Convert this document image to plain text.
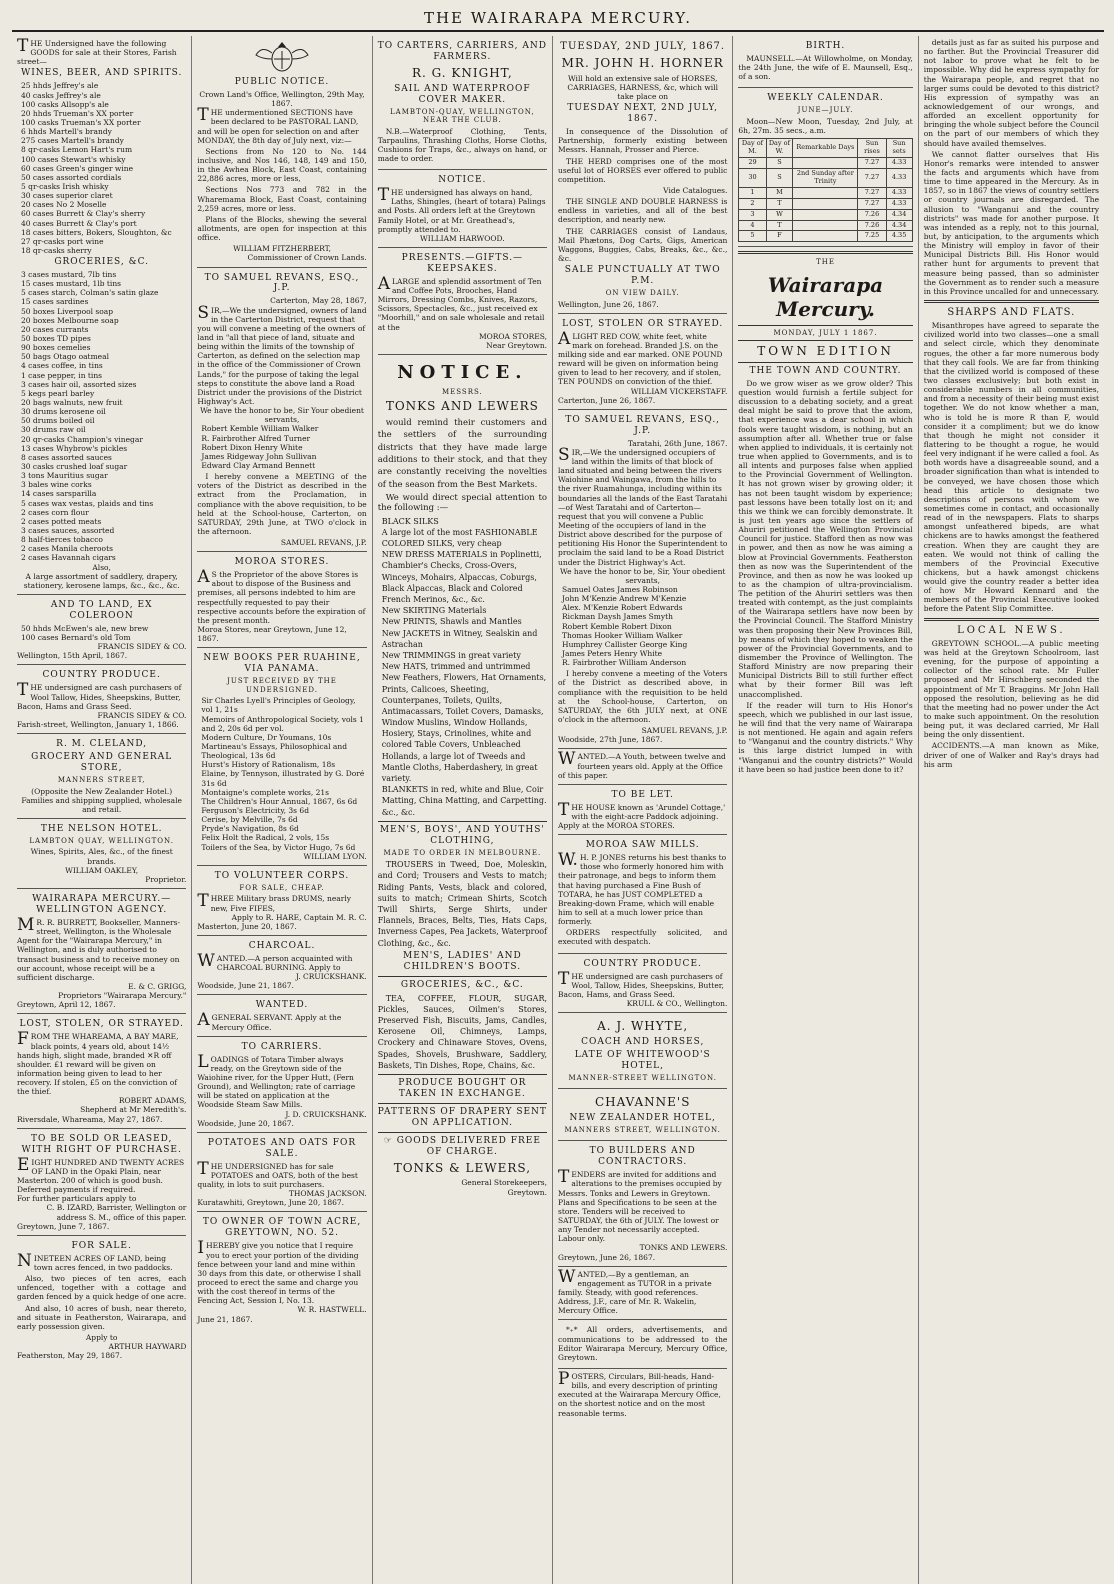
THE WAIRARAPA MERCURY.

THE Undersigned have the following GOODS for sale at their Stores, Farish street—

WINES, BEER, AND SPIRITS.
25 hhds Jeffrey's ale
40 casks Jeffrey's ale
100 casks Allsopp's ale
20 hhds Trueman's XX porter
100 casks Trueman's XX porter
6 hhds Martell's brandy
275 cases Martell's brandy
8 qr-casks Lemon Hart's rum
100 cases Stewart's whisky
60 cases Green's ginger wine
50 cases assorted cordials
5 qr-casks Irish whisky
30 cases superior claret
20 cases No 2 Moselle
60 cases Burrett & Clay's sherry
40 cases Burrett & Clay's port
18 cases bitters, Bokers, Sloughton, &c
27 qr-casks port wine
18 qr-casks sherry
GROCERIES, &C.
3 cases mustard, 7lb tins
15 cases mustard, 1lb tins
5 cases starch, Colman's satin glaze
15 cases sardines
50 boxes Liverpool soap
20 boxes Melbourne soap
20 cases currants
50 boxes TD pipes
90 boxes cemelies
50 bags Otago oatmeal
4 cases coffee, in tins
1 case pepper, in tins
3 cases hair oil, assorted sizes
5 kegs pearl barley
20 bags walnuts, new fruit
30 drums kerosene oil
50 drums boiled oil
30 drums raw oil
20 qr-casks Champion's vinegar
13 cases Whybrow's pickles
8 cases assorted sauces
30 casks crushed loaf sugar
3 tons Mauritius sugar
3 bales wine corks
14 cases sarsparilla
5 cases wax vestas, plaids and tins
2 cases corn flour
2 cases potted meats
3 cases sauces, assorted
8 half-tierces tobacco
2 cases Manila cheroots
2 cases Havannah cigars
Also,

A large assortment of saddlery, drapery, stationery, kerosene lamps, &c., &c., &c.

AND TO LAND, EX COLEROON
50 hhds McEwen's ale, new brew
100 cases Bernard's old Tom
FRANCIS SIDEY & CO.
Wellington, 15th April, 1867.
COUNTRY PRODUCE.

THE undersigned are cash purchasers of Wool Tallow, Hides, Sheepskins, Butter, Bacon, Hams and Grass Seed.

FRANCIS SIDEY & CO.
Farish-street, Wellington, January 1, 1866.
R. M. CLELAND,
GROCERY AND GENERAL STORE,
MANNERS STREET,
(Opposite the New Zealander Hotel.)
Families and shipping supplied, wholesale and retail.
THE NELSON HOTEL.
LAMBTON QUAY, WELLINGTON.
Wines, Spirits, Ales, &c., of the finest brands.
WILLIAM OAKLEY,
Proprietor.
WAIRARAPA MERCURY.—WELLINGTON AGENCY.

MR. R. BURRETT, Bookseller, Manners-street, Wellington, is the Wholesale Agent for the "Wairarapa Mercury," in Wellington, and is duly authorised to transact business and to receive money on our account, whose receipt will be a sufficient discharge.

E. & C. GRIGG,
Proprietors "Wairarapa Mercury."
Greytown, April 12, 1867.
LOST, STOLEN, OR STRAYED.

FROM THE WHAREAMA, A BAY MARE, black points, 4 years old, about 14½ hands high, slight made, branded ✕R off shoulder. £1 reward will be given on information being given to lead to her recovery. If stolen, £5 on the conviction of the thief.

ROBERT ADAMS,
Shepherd at Mr Meredith's.
Riversdale, Whareama, May 27, 1867.
TO BE SOLD OR LEASED, WITH RIGHT OF PURCHASE.

EIGHT HUNDRED AND TWENTY ACRES OF LAND in the Opaki Plain, near Masterton. 200 of which is good bush. Deferred payments if required.

For further particulars apply to
C. B. IZARD, Barrister, Wellington or address S. M., office of this paper.
Greytown, June 7, 1867.
FOR SALE.

NINETEEN ACRES OF LAND, being town acres fenced, in two paddocks.

Also, two pieces of ten acres, each unfenced, together with a cottage and garden fenced by a quick hedge of one acre.

And also, 10 acres of bush, near thereto, and situate in Featherston, Wairarapa, and early possession given.

Apply to
ARTHUR HAYWARD
Featherston, May 29, 1867.
PUBLIC NOTICE.
Crown Land's Office, Wellington, 29th May, 1867.

THE undermentioned SECTIONS have been declared to be PASTORAL LAND, and will be open for selection on and after MONDAY, the 8th day of July next, viz:—

Sections from No 120 to No. 144 inclusive, and Nos 146, 148, 149 and 150, in the Awhea Block, East Coast, containing 22,886 acres, more or less,

Sections Nos 773 and 782 in the Wharemama Block, East Coast, containing 2,259 acres, more or less.

Plans of the Blocks, shewing the several allotments, are open for inspection at this office.

WILLIAM FITZHERBERT,
Commissioner of Crown Lands.
TO SAMUEL REVANS, ESQ., J.P.
Carterton, May 28, 1867,

SIR,—We the undersigned, owners of land in the Carterton District, request that you will convene a meeting of the owners of land in "all that piece of land, situate and being within the limits of the township of Carterton, as defined on the selection map in the office of the Commissioner of Crown Lands," for the purpose of taking the legal steps to constitute the above land a Road District under the provisions of the District Highway's Act.

We have the honor to be, Sir Your obedient servants,
Robert Kemble William Walker
R. Fairbrother Alfred Turner
Robert Dixon Henry White
James Ridgeway John Sullivan
Edward Clay Armand Bennett

I hereby convene a MEETING of the voters of the District as described in the extract from the Proclamation, in compliance with the above requisition, to be held at the School-house, Carterton, on SATURDAY, 29th June, at TWO o'clock in the afternoon.

SAMUEL REVANS, J.P.
MOROA STORES.

AS the Proprietor of the above Stores is about to dispose of the Business and premises, all persons indebted to him are respectfully requested to pay their respective accounts before the expiration of the present month.

Moroa Stores, near Greytown, June 12, 1867.
NEW BOOKS PER RUAHINE, VIA PANAMA.
JUST RECEIVED BY THE UNDERSIGNED.
Sir Charles Lyell's Principles of Geology, vol 1, 21s
Memoirs of Anthropological Society, vols 1 and 2, 20s 6d per vol.
Modern Culture, Dr Youmans, 10s
Martineau's Essays, Philosophical and Theological, 13s 6d
Hurst's History of Rationalism, 18s
Elaine, by Tennyson, illustrated by G. Doré 31s 6d
Montaigne's complete works, 21s
The Children's Hour Annual, 1867, 6s 6d
Ferguson's Electricity, 3s 6d
Cerise, by Melville, 7s 6d
Pryde's Navigation, 8s 6d
Felix Holt the Radical, 2 vols, 15s
Toilers of the Sea, by Victor Hugo, 7s 6d
WILLIAM LYON.
TO VOLUNTEER CORPS.
FOR SALE, CHEAP.

THREE Military brass DRUMS, nearly new, Five FIFES,

Apply to R. HARE, Captain M. R. C.
Masterton, June 20, 1867.
CHARCOAL.

WANTED.—A person acquainted with CHARCOAL BURNING. Apply to

J. CRUICKSHANK.
Woodside, June 21, 1867.
WANTED.

AGENERAL SERVANT. Apply at the Mercury Office.

TO CARRIERS.

LOADINGS of Totara Timber always ready, on the Greytown side of the Waiohine river, for the Upper Hutt, (Fern Ground), and Wellington; rate of carriage will be stated on application at the Woodside Steam Saw Mills.

J. D. CRUICKSHANK.
Woodside, June 20, 1867.
POTATOES AND OATS FOR SALE.

THE UNDERSIGNED has for sale POTATOES and OATS, both of the best quality, in lots to suit purchasers.

THOMAS JACKSON.
Kuratawhiti, Greytown, June 20, 1867.
TO OWNER OF TOWN ACRE, GREYTOWN, NO. 52.

IHEREBY give you notice that I require you to erect your portion of the dividing fence between your land and mine within 30 days from this date, or otherwise I shall proceed to erect the same and charge you with the cost thereof in terms of the Fencing Act, Session I, No. 13.

W. R. HASTWELL.
June 21, 1867.
TO CARTERS, CARRIERS, AND FARMERS.
R. G. KNIGHT,
SAIL AND WATERPROOF COVER MAKER.
LAMBTON-QUAY, WELLINGTON, NEAR THE CLUB.

N.B.—Waterproof Clothing, Tents, Tarpaulins, Thrashing Cloths, Horse Cloths, Cushions for Traps, &c., always on hand, or made to order.

NOTICE.

THE undersigned has always on hand, Laths, Shingles, (heart of totara) Palings and Posts. All orders left at the Greytown Family Hotel, or at Mr. Greathead's, promptly attended to.

WILLIAM HARWOOD.
PRESENTS.—GIFTS.—KEEPSAKES.

ALARGE and splendid assortment of Ten and Coffee Pots, Brooches, Hand Mirrors, Dressing Combs, Knives, Razors, Scissors, Spectacles, &c., just received ex "Moorhill," and on sale wholesale and retail at the

MOROA STORES,
Near Greytown.
NOTICE.
MESSRS.
TONKS AND LEWERS

would remind their customers and the settlers of the surrounding districts that they have made large additions to their stock, and that they are constantly receiving the novelties of the season from the Best Markets.

We would direct special attention to the following :—

BLACK SILKS
A large lot of the most FASHIONABLE COLORED SILKS, very cheap
NEW DRESS MATERIALS in Poplinetti, Chambier's Checks, Cross-Overs, Winceys, Mohairs, Alpaccas, Coburgs, Black Alpaccas, Black and Colored French Merinos, &c., &c.
New SKIRTING Materials
New PRINTS, Shawls and Mantles
New JACKETS in Witney, Sealskin and Astrachan
New TRIMMINGS in great variety
New HATS, trimmed and untrimmed
New Feathers, Flowers, Hat Ornaments, Prints, Calicoes, Sheeting, Counterpanes, Toilets, Quilts, Antimacassars, Toilet Covers, Damasks, Window Muslins, Window Hollands, Hosiery, Stays, Crinolines, white and colored Table Covers, Unbleached Hollands, a large lot of Tweeds and Mantle Cloths, Haberdashery, in great variety.
BLANKETS in red, white and Blue, Coir Matting, China Matting, and Carpetting. &c., &c.
MEN'S, BOYS', AND YOUTHS' CLOTHING,
MADE TO ORDER IN MELBOURNE.

TROUSERS in Tweed, Doe, Moleskin, and Cord; Trousers and Vests to match; Riding Pants, Vests, black and colored, suits to match; Crimean Shirts, Scotch Twill Shirts, Serge Shirts, under Flannels, Braces, Belts, Ties, Hats Caps, Inverness Capes, Pea Jackets, Waterproof Clothing, &c., &c.

MEN'S, LADIES' AND CHILDREN'S BOOTS.
GROCERIES, &C., &C.

TEA, COFFEE, FLOUR, SUGAR, Pickles, Sauces, Oilmen's Stores, Preserved Fish, Biscuits, Jams, Candles, Kerosene Oil, Chimneys, Lamps, Crockery and Chinaware Stoves, Ovens, Spades, Shovels, Brushware, Saddlery, Baskets, Tin Dishes, Rope, Chains, &c.

PRODUCE BOUGHT OR TAKEN IN EXCHANGE.
PATTERNS OF DRAPERY SENT ON APPLICATION.
☞ GOODS DELIVERED FREE OF CHARGE.
TONKS & LEWERS,
General Storekeepers,
Greytown.
TUESDAY, 2ND JULY, 1867.
MR. JOHN H. HORNER

Will hold an extensive sale of HORSES, CARRIAGES, HARNESS, &c, which will take place on

TUESDAY NEXT, 2ND JULY, 1867.

In consequence of the Dissolution of Partnership, formerly existing between Messrs. Hannah, Prosser and Pierce.

THE HERD comprises one of the most useful lot of HORSES ever offered to public competition.

Vide Catalogues.

THE SINGLE AND DOUBLE HARNESS is endless in varieties, and all of the best description, and nearly new.

THE CARRIAGES consist of Landaus, Mail Phætons, Dog Carts, Gigs, American Waggons, Buggies, Cabs, Breaks, &c., &c., &c.

SALE PUNCTUALLY AT TWO P.M.
ON VIEW DAILY.
Wellington, June 26, 1867.
LOST, STOLEN OR STRAYED.

ALIGHT RED COW, white feet, white mark on forehead. Branded J.S. on the milking side and ear marked. ONE POUND reward will be given on information being given to lead to her recovery, and if stolen, TEN POUNDS on conviction of the thief.

WILLIAM VICKERSTAFF.
Carterton, June 26, 1867.
TO SAMUEL REVANS, ESQ., J.P.
Taratahi, 26th June, 1867.

SIR,—We the undersigned occupiers of land within the limits of that block of land situated and being between the rivers Waiohine and Waingawa, from the hills to the river Ruamahunga, including within its boundaries all the lands of the East Taratahi—of West Taratahi and of Carterton—request that you will convene a Public Meeting of the occupiers of land in the District above described for the purpose of petitioning His Honor the Superintendent to proclaim the said land to be a Road District under the District Highway's Act.

We have the honor to be, Sir, Your obedient servants,
Samuel Oates James Robinson
John M'Kenzie Andrew M'Kenzie
Alex. M'Kenzie Robert Edwards
Rickman Daysh James Smyth
Robert Kemble Robert Dixon
Thomas Hooker William Walker
Humphrey Callister George King
James Peters Henry White
R. Fairbrother William Anderson

I hereby convene a meeting of the Voters of the District as described above, in compliance with the requisition to be held at the School-house, Carterton, on SATURDAY, the 6th JULY next, at ONE o'clock in the afternoon.

SAMUEL REVANS, J.P.
Woodside, 27th June, 1867.

WANTED.—A Youth, between twelve and fourteen years old. Apply at the Office of this paper.

TO BE LET.

THE HOUSE known as 'Arundel Cottage,' with the eight-acre Paddock adjoining. Apply at the MOROA STORES.

MOROA SAW MILLS.

W.H. P. JONES returns his best thanks to those who formerly honored him with their patronage, and begs to inform them that having purchased a Fine Bush of TOTARA, he has JUST COMPLETED a Breaking-down Frame, which will enable him to sell at a much lower price than formerly.

ORDERS respectfully solicited, and executed with despatch.

COUNTRY PRODUCE.

THE undersigned are cash purchasers of Wool, Tallow, Hides, Sheepskins, Butter, Bacon, Hams, and Grass Seed.

KRULL & CO., Wellington.
A. J. WHYTE,
COACH AND HORSES,
LATE OF WHITEWOOD'S HOTEL,
MANNER-STREET WELLINGTON.
CHAVANNE'S
NEW ZEALANDER HOTEL,
MANNERS STREET, WELLINGTON.
TO BUILDERS AND CONTRACTORS.

TENDERS are invited for additions and alterations to the premises occupied by Messrs. Tonks and Lewers in Greytown. Plans and Specifications to be seen at the store. Tenders will be received to SATURDAY, the 6th of JULY. The lowest or any Tender not necessarily accepted. Labour only.

TONKS AND LEWERS.
Greytown, June 26, 1867.

WANTED,—By a gentleman, an engagement as TUTOR in a private family. Steady, with good references. Address, J.F., care of Mr. R. Wakelin, Mercury Office.

*₊* All orders, advertisements, and communications to be addressed to the Editor Wairarapa Mercury, Mercury Office, Greytown.

POSTERS, Circulars, Bill-heads, Hand-bills, and every description of printing executed at the Wairarapa Mercury Office, on the shortest notice and on the most reasonable terms.

BIRTH.

MAUNSELL.—At Willowholme, on Monday, the 24th June, the wife of E. Maunsell, Esq., of a son.

WEEKLY CALENDAR.
JUNE—JULY.

Moon—New Moon, Tuesday, 2nd July, at 6h, 27m. 35 secs., a.m.

Day of M.	Day of W.	Remarkable Days	Sun rises	Sun sets
29	S		7.27	4.33
30	S	2nd Sunday after Trinity	7.27	4.33
1	M		7.27	4.33
2	T		7.27	4.33
3	W		7.26	4.34
4	T		7.26	4.34
5	F		7.25	4.35
THE
Wairarapa Mercury.
MONDAY, JULY 1 1867.
TOWN EDITION
THE TOWN AND COUNTRY.

Do we grow wiser as we grow older? This question would furnish a fertile subject for discussion to a debating society, and a great deal might be said to prove that the axiom, that experience was a dear school in which fools were taught wisdom, is nothing, but an assumption after all. Whether true or false when applied to individuals, it is certainly not true when applied to Governments, and is to all intents and purposes false when applied to the Provincial Government of Wellington. It has not grown wiser by growing older; it has not been taught wisdom by experience; past lessons have been totally lost on it; and this we think we can forcibly demonstrate. It is just ten years ago since the settlers of Ahuriri petitioned the Wellington Provincial Council for justice. Stafford then as now was in power, and then as now he was aiming a blow at Provincial Governments. Featherston then as now was the Superintendent of the Province, and then as now he was looked up to as the champion of ultra-provincialism. The petition of the Ahuriri settlers was then treated with contempt, as the just complaints of the Wairarapa settlers have now been by the Provincial Council. The Stafford Ministry was then proposing their New Provinces Bill, by means of which they hoped to weaken the power of the Provincial Governments, and to dismember the Province of Wellington. The Stafford Ministry are now preparing their Municipal Districts Bill to still further effect what by their former Bill was left unaccomplished.

If the reader will turn to His Honor's speech, which we published in our last issue, he will find that the very name of Wairarapa is not mentioned. He again and again refers to "Wanganui and the country districts." Why is this large district lumped in with "Wanganui and the country districts?" Would it have been so had justice been done to it?

details just as far as suited his purpose and no farther. But the Provincial Treasurer did not labor to prove what he felt to be impossible. Why did he express sympathy for the Wairarapa people, and regret that no larger sums could be devoted to this district? His expression of sympathy was an acknowledgement of our wrongs, and afforded an excellent opportunity for bringing the whole subject before the Council on the part of our members of which they should have availed themselves.

We cannot flatter ourselves that His Honor's remarks were intended to answer the facts and arguments which have from time to time appeared in the Mercury. As in 1857, so in 1867 the views of country settlers or country journals are disregarded. The allusion to "Wanganui and the country districts" was made for another purpose. It was intended as a reply, not to this journal, but, by anticipation, to the arguments which the Ministry will employ in favor of their Municipal Districts Bill. His Honor would rather hunt for arguments to prevent that measure being passed, than so administer the Government as to render such a measure in this Province uncalled for and unnecessary.

SHARPS AND FLATS.

Misanthropes have agreed to separate the civilized world into two classes—one a small and select circle, which they denominate rogues, the other a far more numerous body that they call fools. We are far from thinking that the civilized world is composed of these two classes exclusively; but both exist in considerable numbers in all communities, and from a necessity of their being must exist together. We do not know whether a man, who is told he is more R than F, would consider it a compliment; but we do know that though he might not consider it flattering to be thought a rogue, he would feel very indignant if he were called a fool. As both words have a disagreeable sound, and a broader signification than what is intended to be conveyed, we have chosen those which head this article to designate two descriptions of persons with whom we sometimes come in contact, and occasionally read of in the newspapers. Flats to sharps amongst unfeathered bipeds, are what chickens are to hawks amongst the feathered creation. When they are caught they are eaten. We would not think of calling the members of the Provincial Executive chickens, but a hawk amongst chickens would give the country reader a better idea of how Mr Howard Kennard and the members of the Provincial Executive looked before the Patent Slip Committee.

LOCAL NEWS.

GREYTOWN SCHOOL.—A public meeting was held at the Greytown Schoolroom, last evening, for the purpose of appointing a collector of the school rate. Mr Fuller proposed and Mr Hirschberg seconded the appointment of Mr T. Braggins. Mr John Hall opposed the resolution, believing as he did that the meeting had no power under the Act to make such appointment. On the resolution being put, it was declared carried, Mr Hall being the only dissentient.

ACCIDENTS.—A man known as Mike, driver of one of Walker and Ray's drays had his arm
